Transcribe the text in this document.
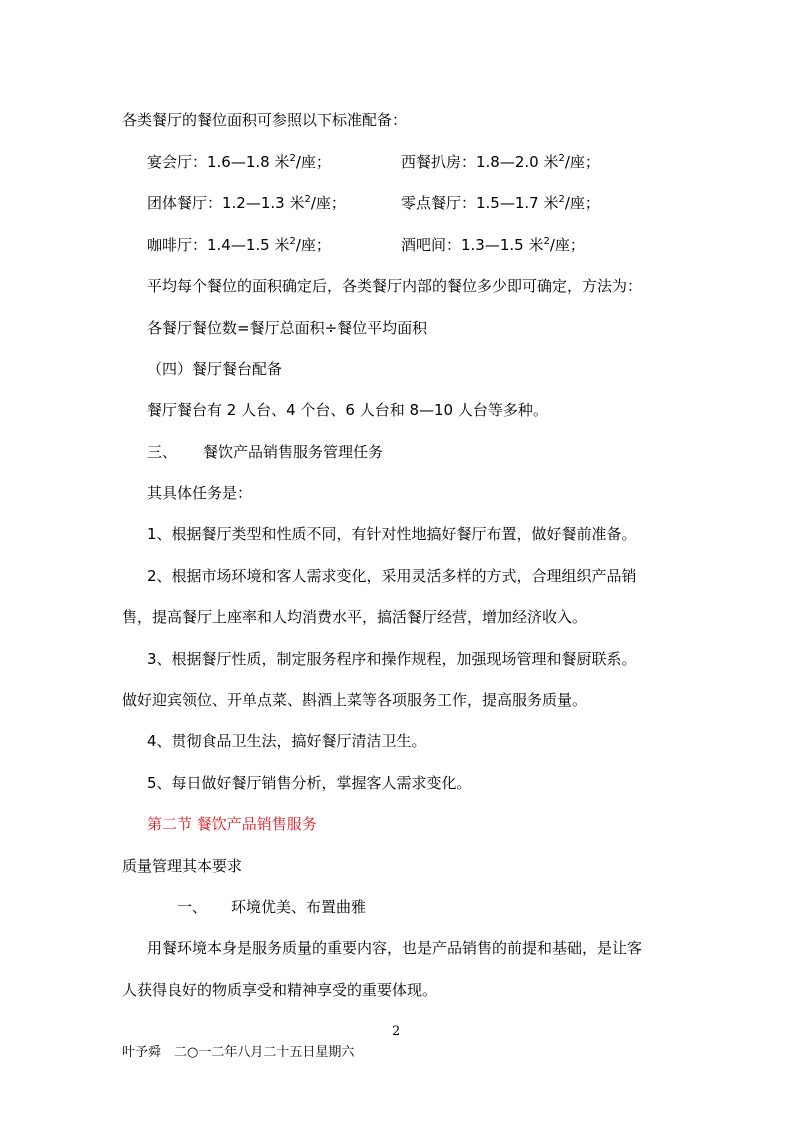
各类餐厅的餐位面积可参照以下标准配备：
宴会厅：1.6—1.8 米$^2$/座；	西餐扒房：1.8—2.0 米$^2$/座；
团体餐厅：1.2—1.3 米$^2$/座；	零点餐厅：1.5—1.7 米$^2$/座；
咖啡厅：1.4—1.5 米$^2$/座；	酒吧间：1.3—1.5 米$^2$/座；
平均每个餐位的面积确定后，各类餐厅内部的餐位多少即可确定，方法为：
各餐厅餐位数=餐厅总面积÷餐位平均面积
（四）餐厅餐台配备
餐厅餐台有 2 人台、4 个台、6 人台和 8—10 人台等多种。
三、 餐饮产品销售服务管理任务
其具体任务是：
1、根据餐厅类型和性质不同，有针对性地搞好餐厅布置，做好餐前准备。
2、根据市场环境和客人需求变化，采用灵活多样的方式，合理组织产品销
售，提高餐厅上座率和人均消费水平，搞活餐厅经营，增加经济收入。
3、根据餐厅性质，制定服务程序和操作规程，加强现场管理和餐厨联系。
做好迎宾领位、开单点菜、斟酒上菜等各项服务工作，提高服务质量。
4、贯彻食品卫生法，搞好餐厅清洁卫生。
5、每日做好餐厅销售分析，掌握客人需求变化。
第二节 餐饮产品销售服务
质量管理其本要求
一、 环境优美、布置曲雅
用餐环境本身是服务质量的重要内容，也是产品销售的前提和基础，是让客
人获得良好的物质享受和精神享受的重要体现。
2
叶予舜　二○一二年八月二十五日星期六
